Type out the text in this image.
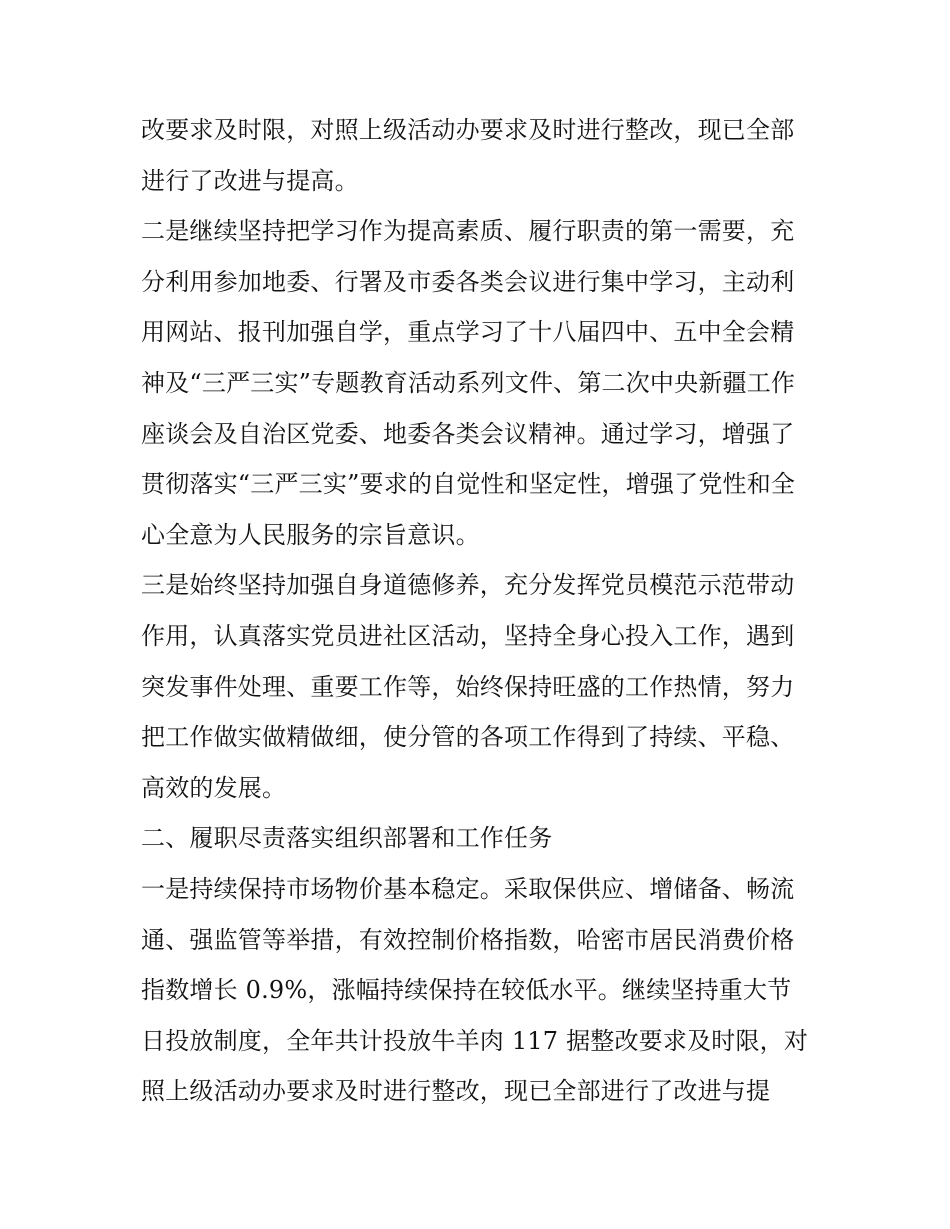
改要求及时限，对照上级活动办要求及时进行整改，现已全部
进行了改进与提高。
二是继续坚持把学习作为提高素质、履行职责的第一需要，充
分利用参加地委、行署及市委各类会议进行集中学习，主动利
用网站、报刊加强自学，重点学习了十八届四中、五中全会精
神及“三严三实”专题教育活动系列文件、第二次中央新疆工作
座谈会及自治区党委、地委各类会议精神。通过学习，增强了
贯彻落实“三严三实”要求的自觉性和坚定性，增强了党性和全
心全意为人民服务的宗旨意识。
三是始终坚持加强自身道德修养，充分发挥党员模范示范带动
作用，认真落实党员进社区活动，坚持全身心投入工作，遇到
突发事件处理、重要工作等，始终保持旺盛的工作热情，努力
把工作做实做精做细，使分管的各项工作得到了持续、平稳、
高效的发展。
二、履职尽责落实组织部署和工作任务
一是持续保持市场物价基本稳定。采取保供应、增储备、畅流
通、强监管等举措，有效控制价格指数，哈密市居民消费价格
指数增长 0.9%，涨幅持续保持在较低水平。继续坚持重大节
日投放制度，全年共计投放牛羊肉 117 据整改要求及时限，对
照上级活动办要求及时进行整改，现已全部进行了改进与提
